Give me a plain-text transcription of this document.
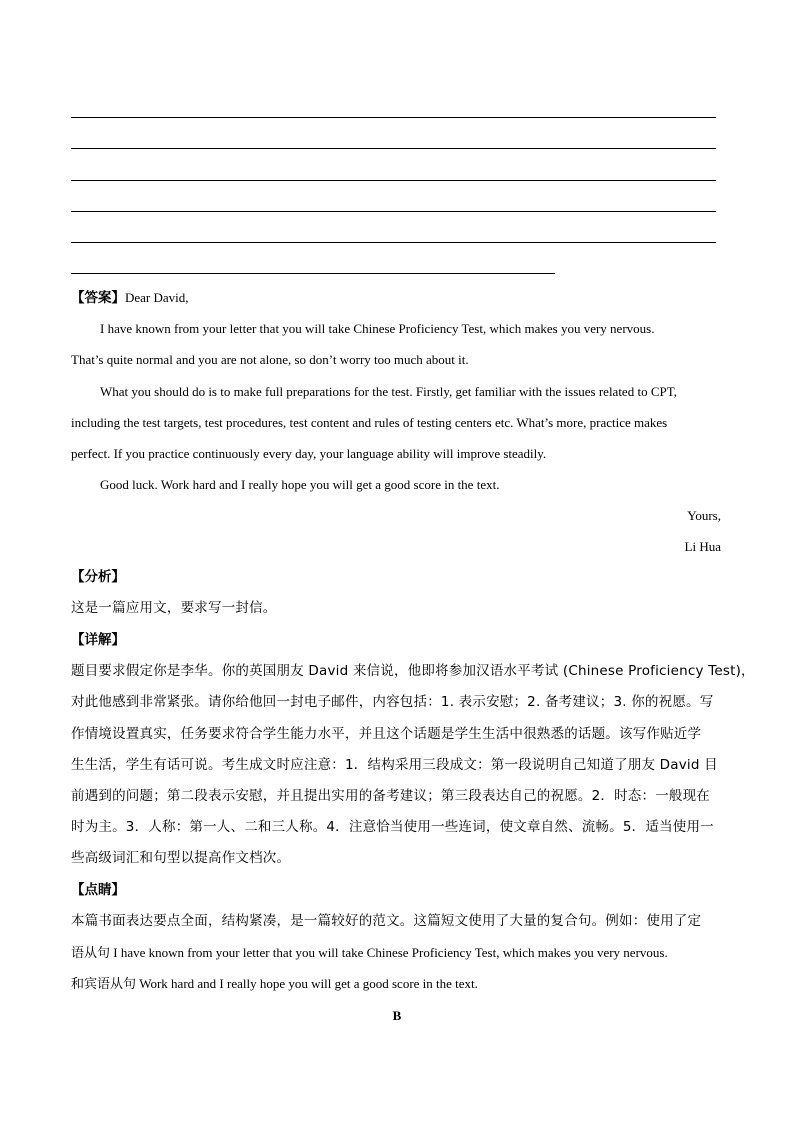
【答案】Dear David,
I have known from your letter that you will take Chinese Proficiency Test, which makes you very nervous.
That’s quite normal and you are not alone, so don’t worry too much about it.
What you should do is to make full preparations for the test. Firstly, get familiar with the issues related to CPT,
including the test targets, test procedures, test content and rules of testing centers etc. What’s more, practice makes
perfect. If you practice continuously every day, your language ability will improve steadily.
Good luck. Work hard and I really hope you will get a good score in the text.
Yours,
Li Hua
【分析】
这是一篇应用文，要求写一封信。
【详解】
题目要求假定你是李华。你的英国朋友 David 来信说，他即将参加汉语水平考试 (Chinese Proficiency Test)，
对此他感到非常紧张。请你给他回一封电子邮件，内容包括：1. 表示安慰；2. 备考建议；3. 你的祝愿。写
作情境设置真实，任务要求符合学生能力水平，并且这个话题是学生生活中很熟悉的话题。该写作贴近学
生生活，学生有话可说。考生成文时应注意：1．结构采用三段成文：第一段说明自己知道了朋友 David 目
前遇到的问题；第二段表示安慰，并且提出实用的备考建议；第三段表达自己的祝愿。2．时态：一般现在
时为主。3．人称：第一人、二和三人称。4．注意恰当使用一些连词，使文章自然、流畅。5．适当使用一
些高级词汇和句型以提高作文档次。
【点睛】
本篇书面表达要点全面，结构紧凑，是一篇较好的范文。这篇短文使用了大量的复合句。例如：使用了定
语从句 I have known from your letter that you will take Chinese Proficiency Test, which makes you very nervous.
和宾语从句 Work hard and I really hope you will get a good score in the text.
B
